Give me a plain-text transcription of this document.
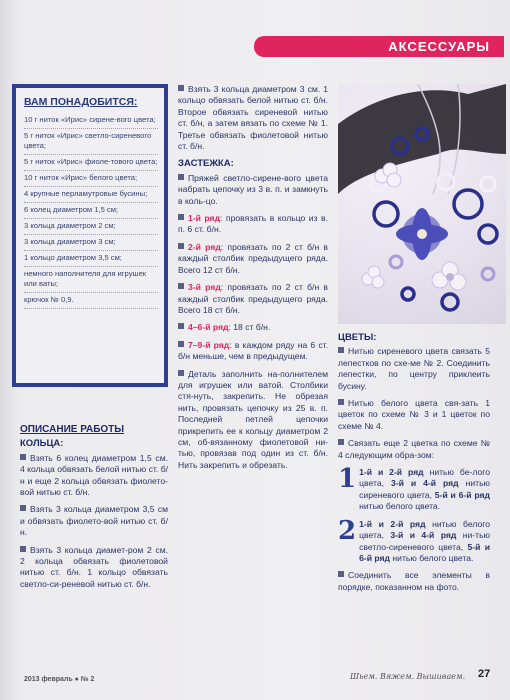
АКСЕССУАРЫ
ВАМ ПОНАДОБИТСЯ:
10 г ниток «Ирис» сирене-вого цвета;
5 г ниток «Ирис» светло-сиреневого цвета;
5 г ниток «Ирис» фиоле-тового цвета;
10 г ниток «Ирис» белого цвета;
4 крупные перламутровые бусины;
6 колец диаметром 1,5 см;
3 кольца диаметром 2 см;
3 кольца диаметром 3 см;
1 кольцо диаметром 3,5 см;
немного наполнителя для игрушек или ваты;
крючок № 0,9.
ОПИСАНИЕ РАБОТЫ
КОЛЬЦА:
Взять 6 колец диаметром 1,5 см. 4 кольца обвязать белой нитью ст. б/н и еще 2 кольца обвязать фиолето-вой нитью ст. б/н.
Взять 3 кольца диаметром 3,5 см и обвязать фиолето-вой нитью ст. б/н.
Взять 3 кольца диамет-ром 2 см. 2 кольца обвязать фиолетовой нитью ст. б/н. 1 кольцо обвязать светло-си-реневой нитью ст. б/н.
Взять 3 кольца диаметром 3 см. 1 кольцо обвязать белой нитью ст. б/н. Второе обвязать сиреневой нитью ст. б/н, а затем вязать по схеме № 1. Третье обвязать фиолетовой нитью ст. б/н.
ЗАСТЕЖКА:
Пряжей светло-сирене-вого цвета набрать цепочку из 3 в. п. и замкнуть в коль-цо.
1-й ряд: провязать в кольцо из в. п. 6 ст. б/н.
2-й ряд: провязать по 2 ст б/н в каждый столбик предыдущего ряда. Всего 12 ст б/н.
3-й ряд: провязать по 2 ст б/н в каждый столбик предыдущего ряда. Всего 18 ст б/н.
4–6-й ряд: 18 ст б/н.
7–9-й ряд: в каждом ряду на 6 ст. б/н меньше, чем в предыдущем.
Деталь заполнить на-полнителем для игрушек или ватой. Столбики стя-нуть, закрепить. Не обрезая нить, провязать цепочку из 25 в. п. Последней петлей цепочки прикрепить ее к кольцу диаметром 2 см, об-вязанному фиолетовой ни-тью, провязав под один из ст. б/н. Нить закрепить и обрезать.
ЦВЕТЫ:
Нитью сиреневого цвета связать 5 лепестков по схе-ме № 2. Соединить лепестки, по центру приклеить бусину.
Нитью белого цвета свя-зать 1 цветок по схеме № 3 и 1 цветок по схеме № 4.
Связать еще 2 цветка по схеме № 4 следующим обра-зом:
1 1-й и 2-й ряд нитью бе-лого цвета, 3-й и 4-й ряд нитью сиреневого цвета, 5-й и 6-й ряд нитью белого цвета.
2 1-й и 2-й ряд нитью белого цвета, 3-й и 4-й ряд ни-тью светло-сиреневого цвета, 5-й и 6-й ряд нитью белого цвета.
Соединить все элементы в порядке, показанном на фото.
2013 февраль ● № 2	Шьем. Вяжем. Вышиваем. 27
